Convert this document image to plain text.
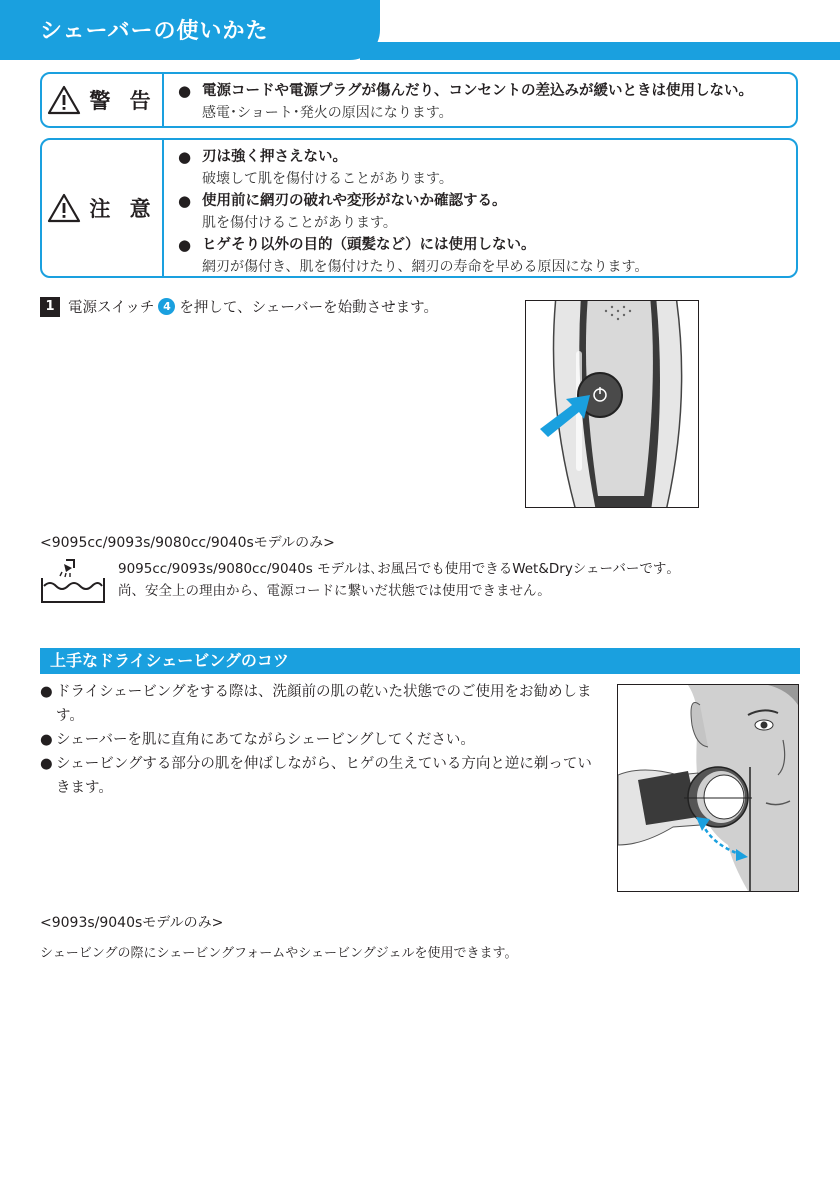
シェーバーの使いかた
警 告 ● 電源コードや電源プラグが傷んだり、コンセントの差込みが緩いときは使用しない。
感電･ショート･発火の原因になります。
注 意
● 刃は強く押さえない。
破壊して肌を傷付けることがあります。
● 使用前に網刃の破れや変形がないか確認する。
肌を傷付けることがあります。
● ヒゲそり以外の目的（頭髪など）には使用しない。
網刃が傷付き、肌を傷付けたり、網刃の寿命を早める原因になります。
1 電源スイッチ 4 を押して、シェーバーを始動させます。
<9095cc/9093s/9080cc/9040sモデルのみ>
9095cc/9093s/9080cc/9040s モデルは､お風呂でも使用できるWet&Dryシェーバーです｡
尚、安全上の理由から、電源コードに繋いだ状態では使用できません。
上手なドライシェービングのコツ
● ドライシェービングをする際は、洗顔前の肌の乾いた状態でのご使用をお勧めします。
● シェーバーを肌に直角にあてながらシェービングしてください。
● シェービングする部分の肌を伸ばしながら、ヒゲの生えている方向と逆に剃っていきます。
<9093s/9040sモデルのみ>
シェービングの際にシェービングフォームやシェービングジェルを使用できます。
